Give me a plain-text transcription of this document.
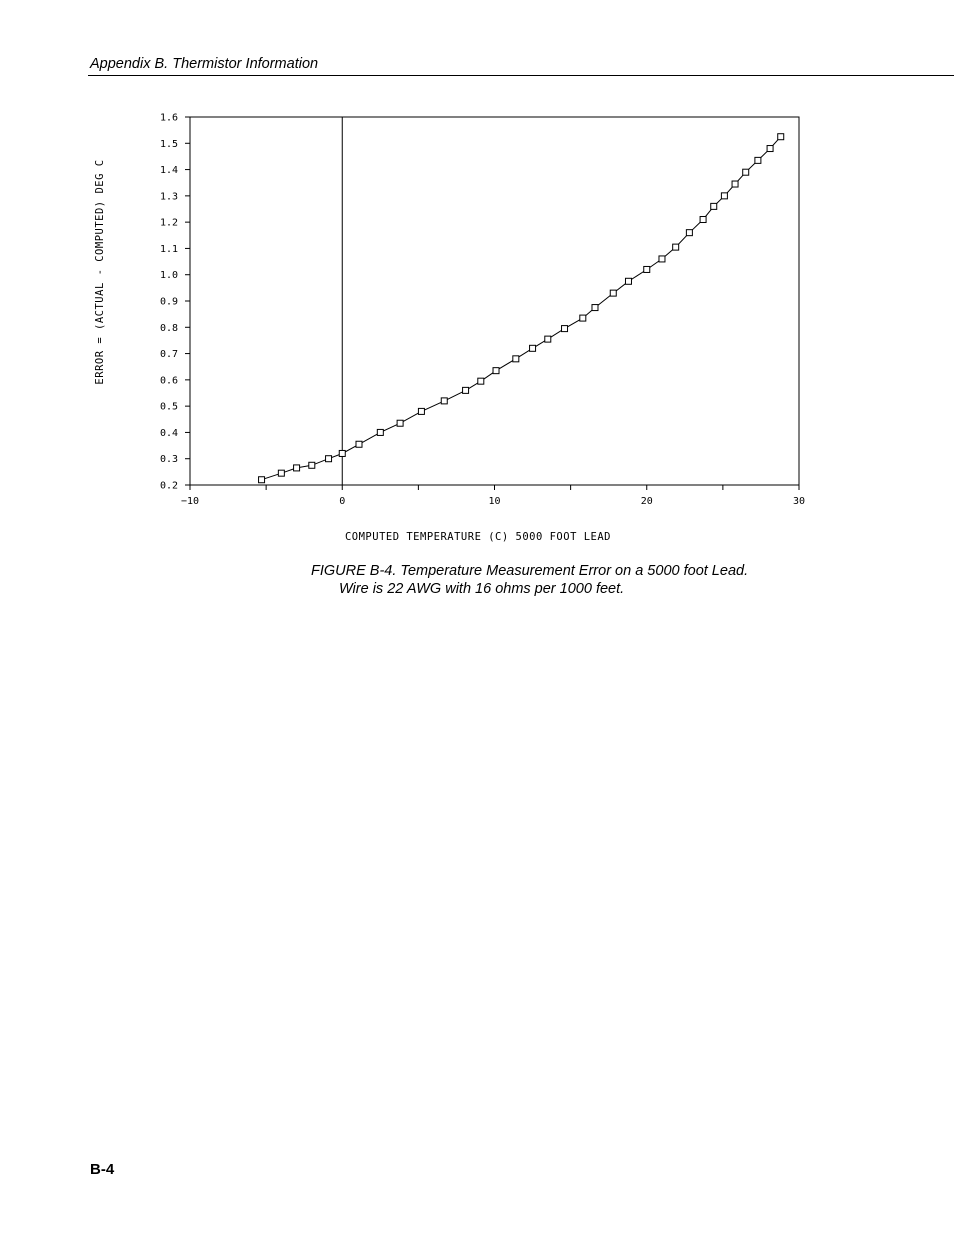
Appendix B. Thermistor Information
0.2
0.3
0.4
0.5
0.6
0.7
0.8
0.9
1.0
1.1
1.2
1.3
1.4
1.5
1.6
−10	0	10	20	30
COMPUTED TEMPERATURE (C) 5000 FOOT LEAD
ERROR = (ACTUAL - COMPUTED) DEG C
FIGURE B-4. Temperature Measurement Error on a 5000 foot Lead.
Wire is 22 AWG with 16 ohms per 1000 feet.
B-4
